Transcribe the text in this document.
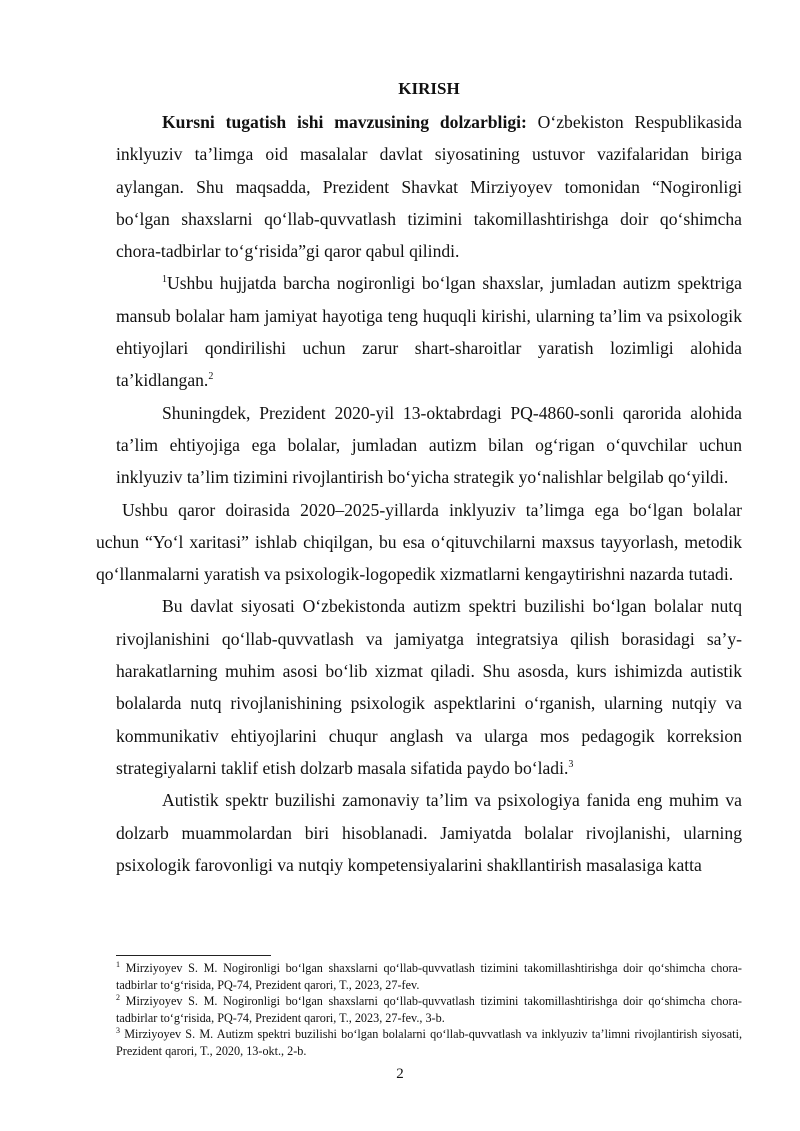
KIRISH

Kursni tugatish ishi mavzusining dolzarbligi: O‘zbekiston Respublikasida inklyuziv ta’limga oid masalalar davlat siyosatining ustuvor vazifalaridan biriga aylangan. Shu maqsadda, Prezident Shavkat Mirziyoyev tomonidan “Nogironligi bo‘lgan shaxslarni qo‘llab-quvvatlash tizimini takomillashtirishga doir qo‘shimcha chora-tadbirlar to‘g‘risida”gi qaror qabul qilindi.

$^1$Ushbu hujjatda barcha nogironligi bo‘lgan shaxslar, jumladan autizm spektriga mansub bolalar ham jamiyat hayotiga teng huquqli kirishi, ularning ta’lim va psixologik ehtiyojlari qondirilishi uchun zarur shart-sharoitlar yaratish lozimligi alohida ta’kidlangan.$^2$

Shuningdek, Prezident 2020-yil 13-oktabrdagi PQ-4860-sonli qarorida alohida ta’lim ehtiyojiga ega bolalar, jumladan autizm bilan og‘rigan o‘quvchilar uchun inklyuziv ta’lim tizimini rivojlantirish bo‘yicha strategik yo‘nalishlar belgilab qo‘yildi.

Ushbu qaror doirasida 2020–2025-yillarda inklyuziv ta’limga ega bo‘lgan bolalar uchun “Yo‘l xaritasi” ishlab chiqilgan, bu esa o‘qituvchilarni maxsus tayyorlash, metodik qo‘llanmalarni yaratish va psixologik-logopedik xizmatlarni kengaytirishni nazarda tutadi.

Bu davlat siyosati O‘zbekistonda autizm spektri buzilishi bo‘lgan bolalar nutq rivojlanishini qo‘llab-quvvatlash va jamiyatga integratsiya qilish borasidagi sa’y-harakatlarning muhim asosi bo‘lib xizmat qiladi. Shu asosda, kurs ishimizda autistik bolalarda nutq rivojlanishining psixologik aspektlarini o‘rganish, ularning nutqiy va kommunikativ ehtiyojlarini chuqur anglash va ularga mos pedagogik korreksion strategiyalarni taklif etish dolzarb masala sifatida paydo bo‘ladi.$^3$

Autistik spektr buzilishi zamonaviy ta’lim va psixologiya fanida eng muhim va dolzarb muammolardan biri hisoblanadi. Jamiyatda bolalar rivojlanishi, ularning psixologik farovonligi va nutqiy kompetensiyalarini shakllantirish masalasiga katta

$^1$ Mirziyoyev S. M. Nogironligi bo‘lgan shaxslarni qo‘llab-quvvatlash tizimini takomillashtirishga doir qo‘shimcha chora-tadbirlar to‘g‘risida, PQ-74, Prezident qarori, T., 2023, 27-fev.

$^2$ Mirziyoyev S. M. Nogironligi bo‘lgan shaxslarni qo‘llab-quvvatlash tizimini takomillashtirishga doir qo‘shimcha chora-tadbirlar to‘g‘risida, PQ-74, Prezident qarori, T., 2023, 27-fev., 3-b.

$^3$ Mirziyoyev S. M. Autizm spektri buzilishi bo‘lgan bolalarni qo‘llab-quvvatlash va inklyuziv ta’limni rivojlantirish siyosati, Prezident qarori, T., 2020, 13-okt., 2-b.

2
